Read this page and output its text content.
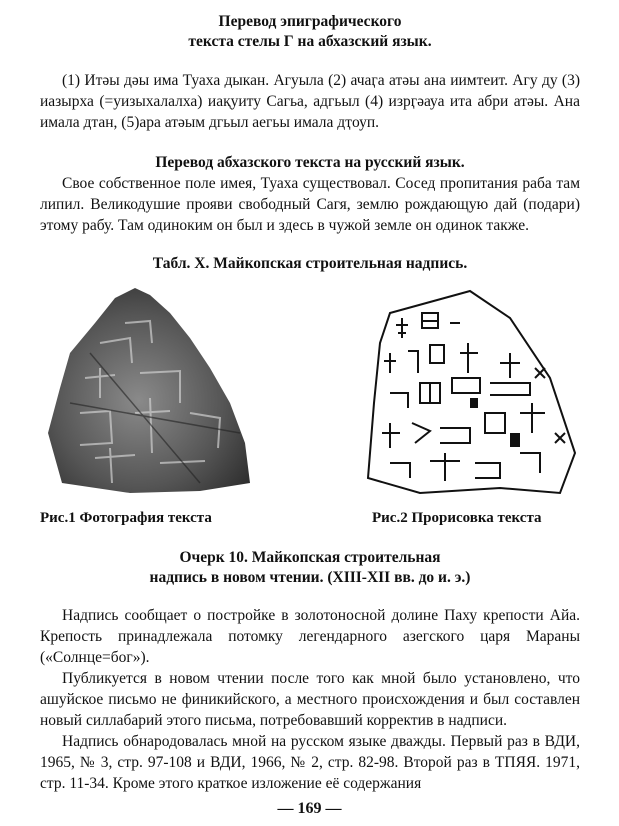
Перевод эпиграфического

текста стелы Г на абхазский язык.

(1) Итәы дәы има Туаха дыкан. Агуыла (2) ачаӷа атәы ана иимтеит. Агу ду (3) иазырха (=уизыхалалха) иақуиту Сагьа, адгьыл (4) изрӷәауа ита абри атәы. Ана имала дтан, (5)ара атәым дгьыл аегьы имала дҭоуп.

Перевод абхазского текста на русский язык.

Свое собственное поле имея, Туаха существовал. Сосед пропитания раба там липил. Великодушие прояви свободный Сагя, землю рождающую дай (подари) этому рабу. Там одиноким он был и здесь в чужой земле он одинок также.

Табл. X. Майкопская строительная надпись.

Рис.1 Фотография текста	Рис.2 Прорисовка текста

Очерк 10. Майкопская строительная

надпись в новом чтении. (XIII-XII вв. до и. э.)

Надпись сообщает о постройке в золотоносной долине Паху крепости Айа. Крепость принадлежала потомку легендарного азегского царя Мараны («Солнце=бог»).

Публикуется в новом чтении после того как мной было установлено, что ашуйское письмо не финикийского, а местного происхождения и был составлен новый силлабарий этого письма, потребовавший корректив в надписи.

Надпись обнародовалась мной на русском языке дважды. Первый раз в ВДИ, 1965, № 3, стр. 97-108 и ВДИ, 1966, № 2, стр. 82-98. Второй раз в ТПЯЯ. 1971, стр. 11-34. Кроме этого краткое изложение её содержания

— 169 —
